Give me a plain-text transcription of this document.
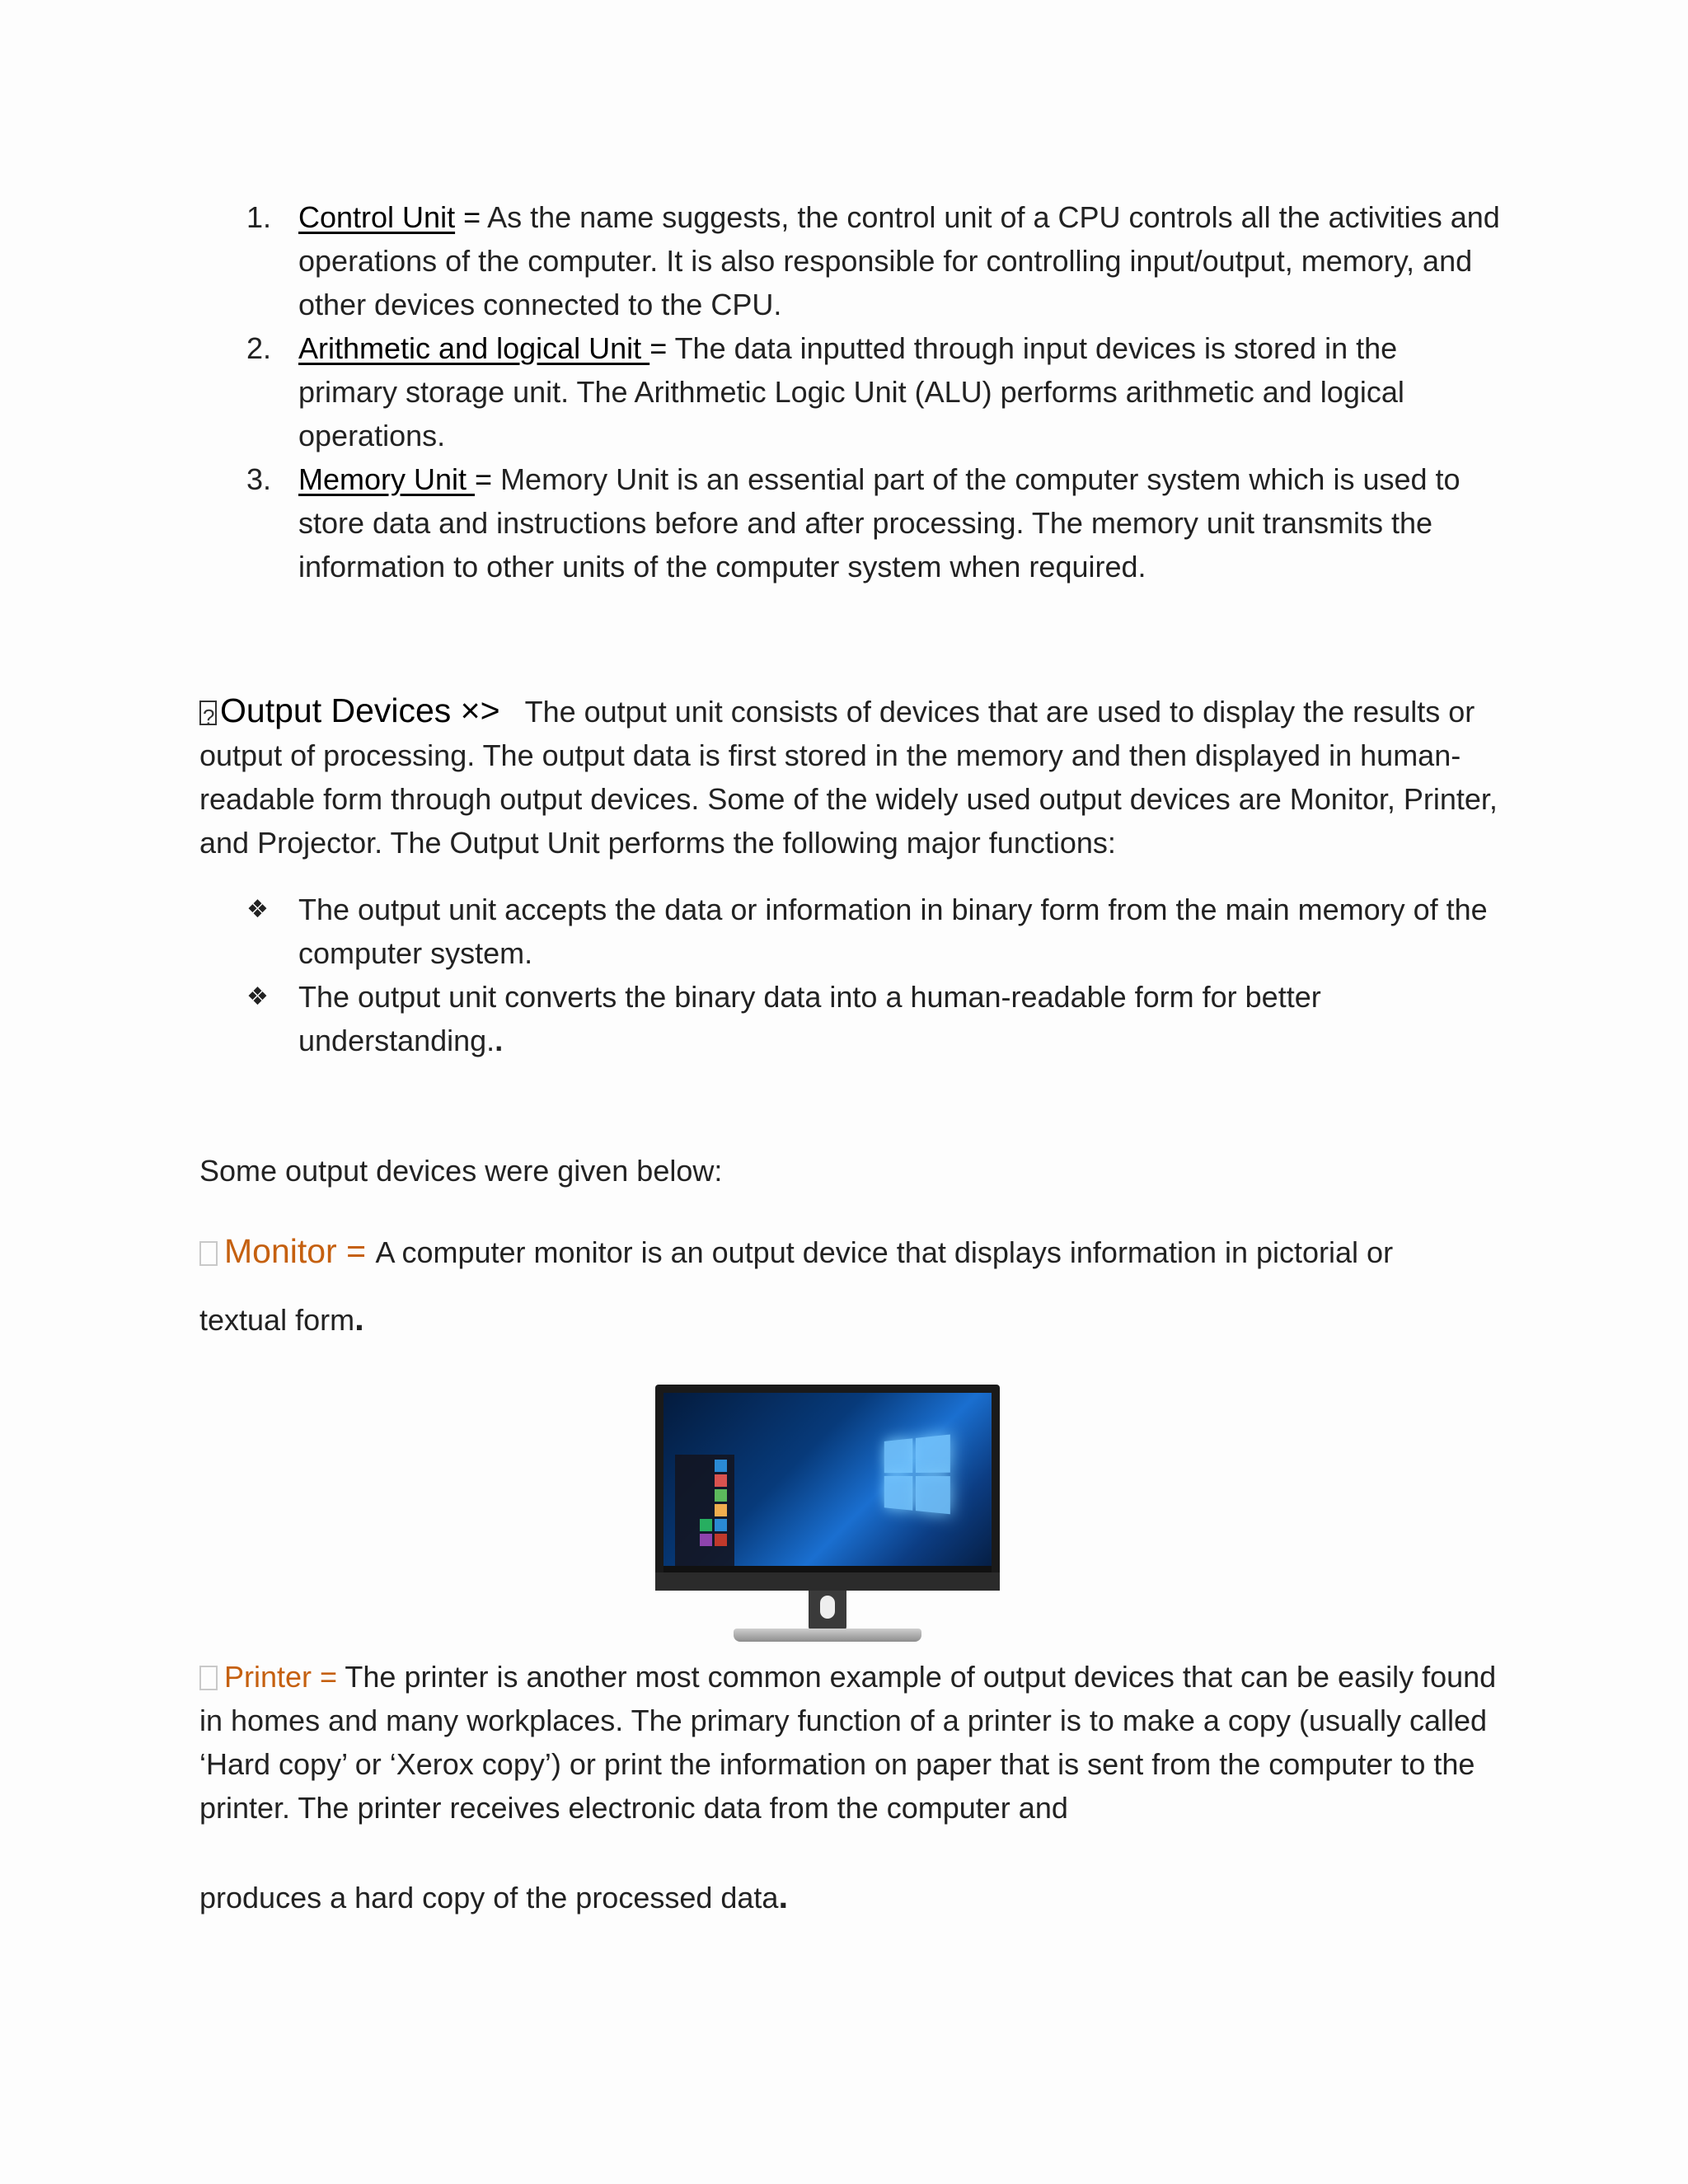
1. Control Unit = As the name suggests, the control unit of a CPU controls all the activities and operations of the computer. It is also responsible for controlling input/output, memory, and other devices connected to the CPU.
2. Arithmetic and logical Unit = The data inputted through input devices is stored in the primary storage unit. The Arithmetic Logic Unit (ALU) performs arithmetic and logical operations.
3. Memory Unit = Memory Unit is an essential part of the computer system which is used to store data and instructions before and after processing. The memory unit transmits the information to other units of the computer system when required.
?Output Devices ×> The output unit consists of devices that are used to display the results or output of processing. The output data is first stored in the memory and then displayed in human-readable form through output devices. Some of the widely used output devices are Monitor, Printer, and Projector. The Output Unit performs the following major functions:
❖	The output unit accepts the data or information in binary form from the main memory of the computer system.
❖	The output unit converts the binary data into a human-readable form for better understanding..
Some output devices were given below:
Monitor = A computer monitor is an output device that displays information in pictorial or
textual form.
Printer = The printer is another most common example of output devices that can be easily found in homes and many workplaces. The primary function of a printer is to make a copy (usually called ‘Hard copy’ or ‘Xerox copy’) or print the information on paper that is sent from the computer to the printer. The printer receives electronic data from the computer and
produces a hard copy of the processed data.
